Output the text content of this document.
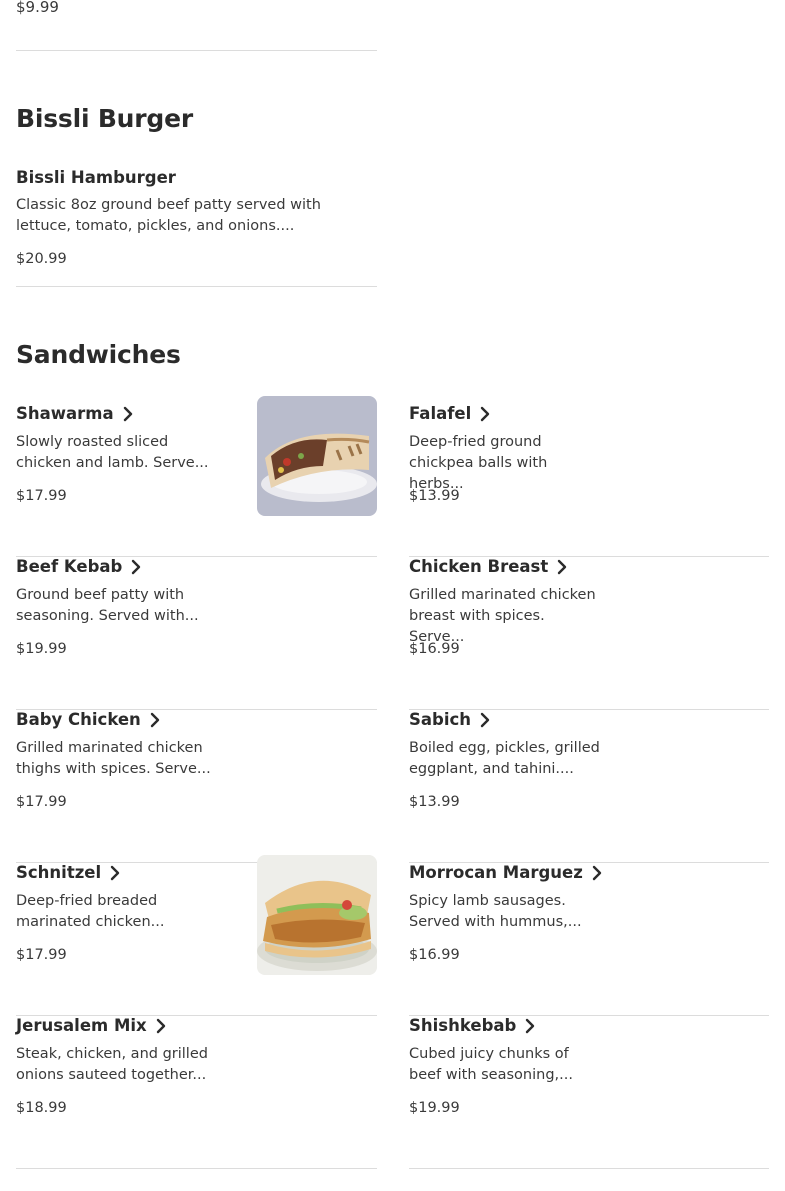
$9.99
Bissli Burger
Bissli Hamburger
Classic 8oz ground beef patty served with lettuce, tomato, pickles, and onions....
$20.99
Sandwiches
Shawarma
Slowly roasted sliced chicken and lamb. Serve...
$17.99
Falafel
Deep-fried ground chickpea balls with herbs...
$13.99
Beef Kebab
Ground beef patty with seasoning. Served with...
$19.99
Chicken Breast
Grilled marinated chicken breast with spices. Serve...
$16.99
Baby Chicken
Grilled marinated chicken thighs with spices. Serve...
$17.99
Sabich
Boiled egg, pickles, grilled eggplant, and tahini....
$13.99
Schnitzel
Deep-fried breaded marinated chicken...
$17.99
Morrocan Marguez
Spicy lamb sausages. Served with hummus,...
$16.99
Jerusalem Mix
Steak, chicken, and grilled onions sauteed together...
$18.99
Shishkebab
Cubed juicy chunks of beef with seasoning,...
$19.99
